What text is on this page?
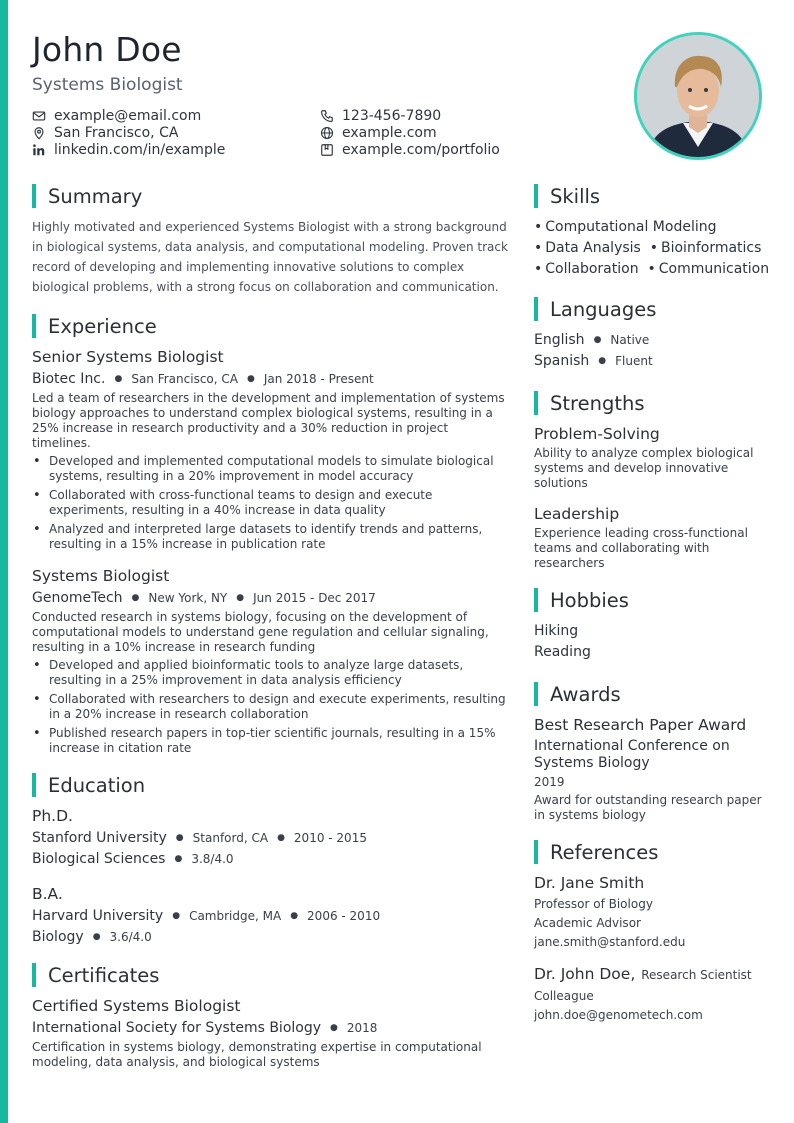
John Doe
Systems Biologist
example@email.com	123-456-7890
San Francisco, CA	example.com
linkedin.com/in/example	example.com/portfolio
Summary
Highly motivated and experienced Systems Biologist with a strong background in biological systems, data analysis, and computational modeling. Proven track record of developing and implementing innovative solutions to complex biological problems, with a strong focus on collaboration and communication.
Experience
Senior Systems Biologist
Biotec Inc. ● San Francisco, CA ● Jan 2018 - Present
Led a team of researchers in the development and implementation of systems biology approaches to understand complex biological systems, resulting in a 25% increase in research productivity and a 30% reduction in project timelines.
• Developed and implemented computational models to simulate biological systems, resulting in a 20% improvement in model accuracy
• Collaborated with cross-functional teams to design and execute experiments, resulting in a 40% increase in data quality
• Analyzed and interpreted large datasets to identify trends and patterns, resulting in a 15% increase in publication rate
Systems Biologist
GenomeTech ● New York, NY ● Jun 2015 - Dec 2017
Conducted research in systems biology, focusing on the development of computational models to understand gene regulation and cellular signaling, resulting in a 10% increase in research funding
• Developed and applied bioinformatic tools to analyze large datasets, resulting in a 25% improvement in data analysis efficiency
• Collaborated with researchers to design and execute experiments, resulting in a 20% increase in research collaboration
• Published research papers in top-tier scientific journals, resulting in a 15% increase in citation rate
Education
Ph.D.
Stanford University ● Stanford, CA ● 2010 - 2015
Biological Sciences ● 3.8/4.0
B.A.
Harvard University ● Cambridge, MA ● 2006 - 2010
Biology ● 3.6/4.0
Certificates
Certified Systems Biologist
International Society for Systems Biology ● 2018
Certification in systems biology, demonstrating expertise in computational modeling, data analysis, and biological systems
Skills
• Computational Modeling
• Data Analysis • Bioinformatics
• Collaboration • Communication
Languages
English ● Native
Spanish ● Fluent
Strengths
Problem-Solving
Ability to analyze complex biological systems and develop innovative solutions
Leadership
Experience leading cross-functional teams and collaborating with researchers
Hobbies
Hiking
Reading
Awards
Best Research Paper Award
International Conference on Systems Biology
2019
Award for outstanding research paper in systems biology
References
Dr. Jane Smith
Professor of Biology
Academic Advisor
jane.smith@stanford.edu
Dr. John Doe, Research Scientist
Colleague
john.doe@genometech.com
